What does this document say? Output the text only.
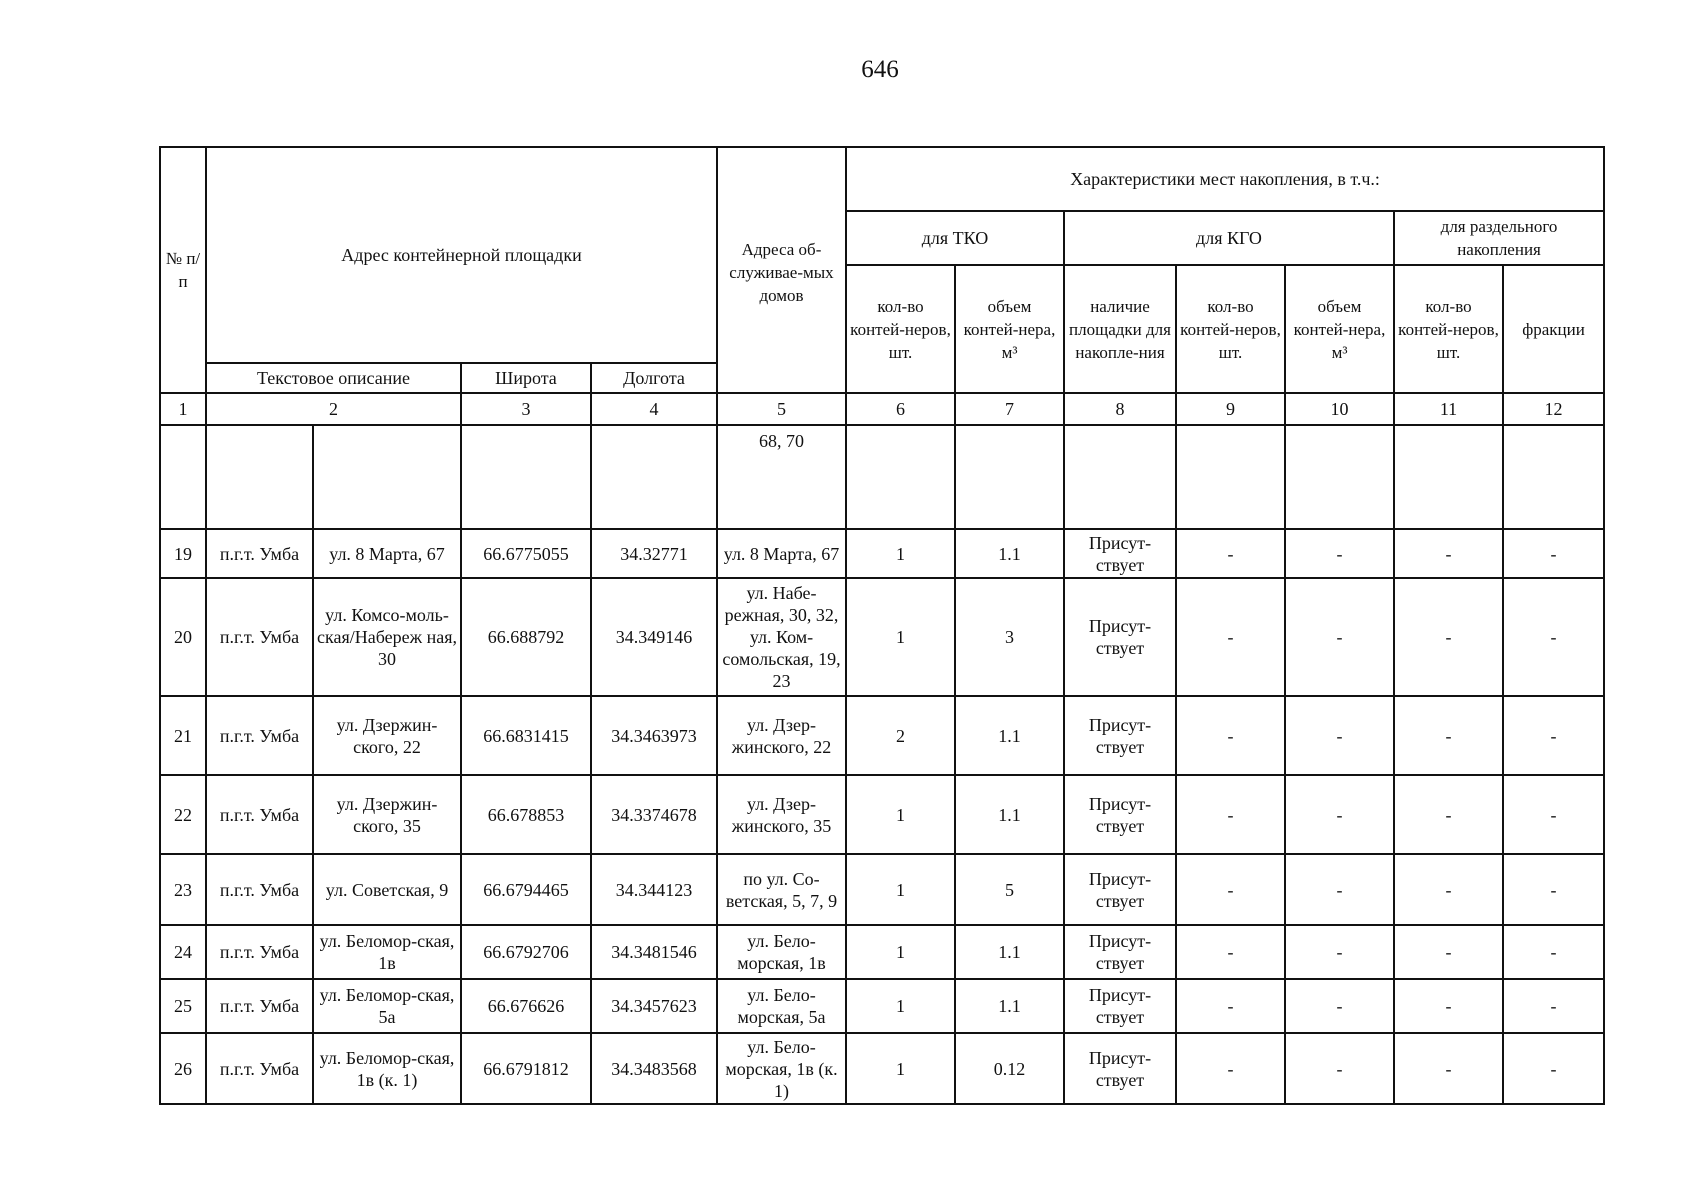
646
№ п/ п	Адрес контейнерной площадки				Адреса об-служивае-мых домов	Характеристики мест накопления, в т.ч.:						
						для ТКО		для КГО			для раздельного накопления	
						кол-во контей-неров, шт.	объем контей-нера, м³	наличие площадки для накопле-ния	кол-во контей-неров, шт.	объем контей-нера, м³	кол-во контей-неров, шт.	фракции
	Текстовое описание		Широта	Долгота								
1	2		3	4	5	6	7	8	9	10	11	12
					68, 70							
19	п.г.т. Умба	ул. 8 Марта, 67	66.6775055	34.32771	ул. 8 Марта, 67	1	1.1	Присут-ствует	-	-	-	-
20	п.г.т. Умба	ул. Комсо-моль-ская/Набереж ная, 30	66.688792	34.349146	ул. Набе-режная, 30, 32, ул. Ком-сомольская, 19, 23	1	3	Присут-ствует	-	-	-	-
21	п.г.т. Умба	ул. Дзержин-ского, 22	66.6831415	34.3463973	ул. Дзер-жинского, 22	2	1.1	Присут-ствует	-	-	-	-
22	п.г.т. Умба	ул. Дзержин-ского, 35	66.678853	34.3374678	ул. Дзер-жинского, 35	1	1.1	Присут-ствует	-	-	-	-
23	п.г.т. Умба	ул. Советская, 9	66.6794465	34.344123	по ул. Со-ветская, 5, 7, 9	1	5	Присут-ствует	-	-	-	-
24	п.г.т. Умба	ул. Беломор-ская, 1в	66.6792706	34.3481546	ул. Бело-морская, 1в	1	1.1	Присут-ствует	-	-	-	-
25	п.г.т. Умба	ул. Беломор-ская, 5а	66.676626	34.3457623	ул. Бело-морская, 5а	1	1.1	Присут-ствует	-	-	-	-
26	п.г.т. Умба	ул. Беломор-ская, 1в (к. 1)	66.6791812	34.3483568	ул. Бело-морская, 1в (к. 1)	1	0.12	Присут-ствует	-	-	-	-
